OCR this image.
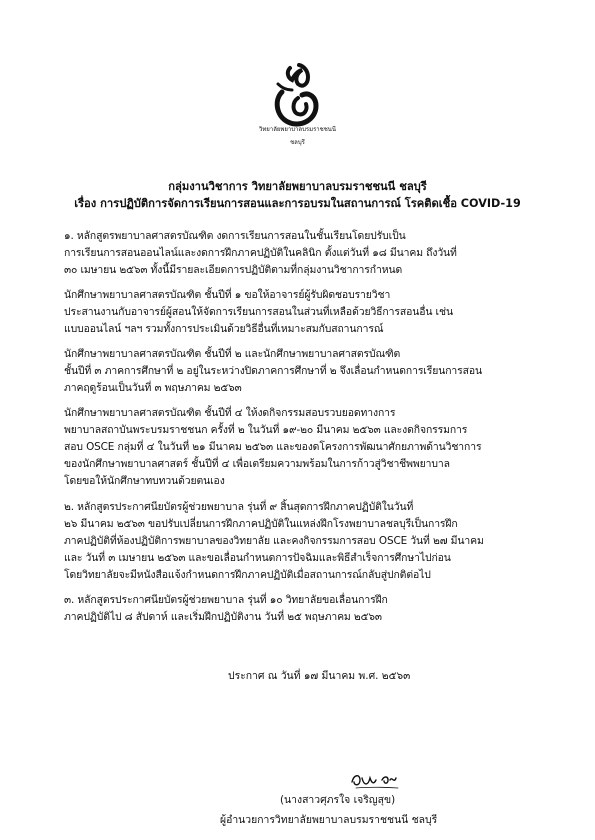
วิทยาลัยพยาบาลบรมราชชนนี
ชลบุรี
กลุ่มงานวิชาการ วิทยาลัยพยาบาลบรมราชชนนี ชลบุรี
เรื่อง การปฏิบัติการจัดการเรียนการสอนและการอบรมในสถานการณ์ โรคติดเชื้อ COVID-19
๑. หลักสูตรพยาบาลศาสตรบัณฑิต งดการเรียนการสอนในชั้นเรียนโดยปรับเป็น
การเรียนการสอนออนไลน์และงดการฝึกภาคปฏิบัติในคลินิก ตั้งแต่วันที่ ๑๘ มีนาคม ถึงวันที่
๓๐ เมษายน ๒๕๖๓ ทั้งนี้มีรายละเอียดการปฏิบัติตามที่กลุ่มงานวิชาการกำหนด
นักศึกษาพยาบาลศาสตรบัณฑิต ชั้นปีที่ ๑ ขอให้อาจารย์ผู้รับผิดชอบรายวิชา
ประสานงานกับอาจารย์ผู้สอนให้จัดการเรียนการสอนในส่วนที่เหลือด้วยวิธีการสอนอื่น เช่น
แบบออนไลน์ ฯลฯ รวมทั้งการประเมินด้วยวิธีอื่นที่เหมาะสมกับสถานการณ์
นักศึกษาพยาบาลศาสตรบัณฑิต ชั้นปีที่ ๒ และนักศึกษาพยาบาลศาสตรบัณฑิต
ชั้นปีที่ ๓ ภาคการศึกษาที่ ๒ อยู่ในระหว่างปิดภาคการศึกษาที่ ๒ จึงเลื่อนกำหนดการเรียนการสอน
ภาคฤดูร้อนเป็นวันที่ ๓ พฤษภาคม ๒๕๖๓
นักศึกษาพยาบาลศาสตรบัณฑิต ชั้นปีที่ ๔ ให้งดกิจกรรมสอบรวบยอดทางการ
พยาบาลสถาบันพระบรมราชชนก ครั้งที่ ๒ ในวันที่ ๑๙-๒๐ มีนาคม ๒๕๖๓ และงดกิจกรรมการ
สอบ OSCE กลุ่มที่ ๔ ในวันที่ ๒๑ มีนาคม ๒๕๖๓ และของดโครงการพัฒนาศักยภาพด้านวิชาการ
ของนักศึกษาพยาบาลศาสตร์ ชั้นปีที่ ๔ เพื่อเตรียมความพร้อมในการก้าวสู่วิชาชีพพยาบาล
โดยขอให้นักศึกษาทบทวนด้วยตนเอง
๒. หลักสูตรประกาศนียบัตรผู้ช่วยพยาบาล รุ่นที่ ๙ สิ้นสุดการฝึกภาคปฏิบัติในวันที่
๒๖ มีนาคม ๒๕๖๓ ขอปรับเปลี่ยนการฝึกภาคปฏิบัติในแหล่งฝึกโรงพยาบาลชลบุรีเป็นการฝึก
ภาคปฏิบัติที่ห้องปฏิบัติการพยาบาลของวิทยาลัย และคงกิจกรรมการสอบ OSCE วันที่ ๒๗ มีนาคม
และ วันที่ ๓ เมษายน ๒๕๖๓ และขอเลื่อนกำหนดการปัจฉิมและพิธีสำเร็จการศึกษาไปก่อน
โดยวิทยาลัยจะมีหนังสือแจ้งกำหนดการฝึกภาคปฏิบัติเมื่อสถานการณ์กลับสู่ปกติต่อไป
๓. หลักสูตรประกาศนียบัตรผู้ช่วยพยาบาล รุ่นที่ ๑๐ วิทยาลัยขอเลื่อนการฝึก
ภาคปฏิบัติไป ๘ สัปดาห์ และเริ่มฝึกปฏิบัติงาน วันที่ ๒๕ พฤษภาคม ๒๕๖๓
ประกาศ ณ วันที่ ๑๗ มีนาคม พ.ศ. ๒๕๖๓
(นางสาวศุภรใจ เจริญสุข)
ผู้อำนวยการวิทยาลัยพยาบาลบรมราชชนนี ชลบุรี
